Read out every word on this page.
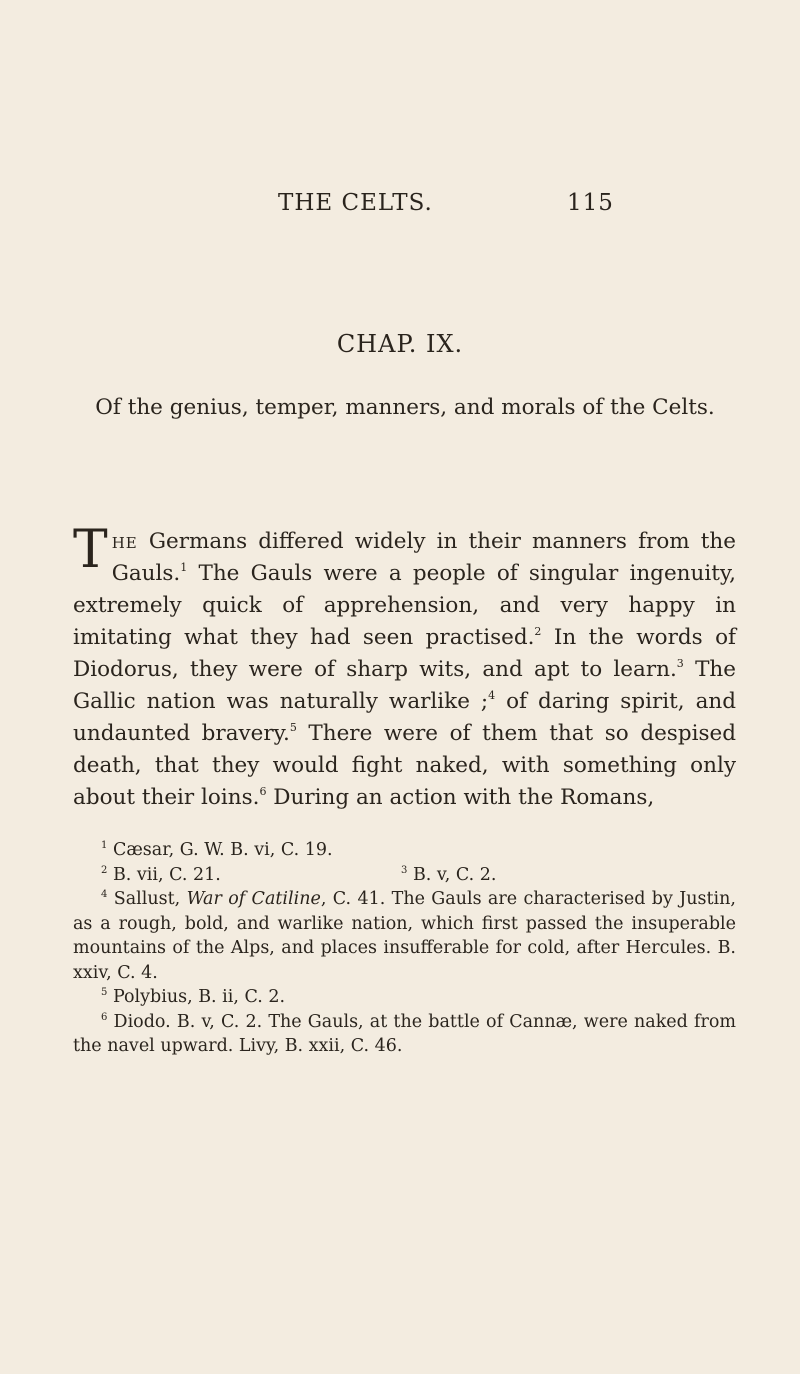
THE CELTS.	115
CHAP. IX.
Of the genius, temper, manners, and morals of the Celts.

The Germans differed widely in their manners from the Gauls.$^1$ The Gauls were a people of singular ingenuity, extremely quick of apprehension, and very happy in imitating what they had seen practised.$^2$ In the words of Diodorus, they were of sharp wits, and apt to learn.$^3$ The Gallic nation was naturally warlike ;$^4$ of daring spirit, and undaunted bravery.$^5$ There were of them that so despised death, that they would fight naked, with something only about their loins.$^6$ During an action with the Romans,

$^1$ Cæsar, G. W. B. vi, C. 19.

$^2$ B. vii, C. 21.	$^3$ B. v, C. 2.

$^4$ Sallust, War of Catiline, C. 41. The Gauls are characterised by Justin, as a rough, bold, and warlike nation, which first passed the insuperable mountains of the Alps, and places insufferable for cold, after Hercules. B. xxiv, C. 4.

$^5$ Polybius, B. ii, C. 2.

$^6$ Diodo. B. v, C. 2. The Gauls, at the battle of Cannæ, were naked from the navel upward. Livy, B. xxii, C. 46.
